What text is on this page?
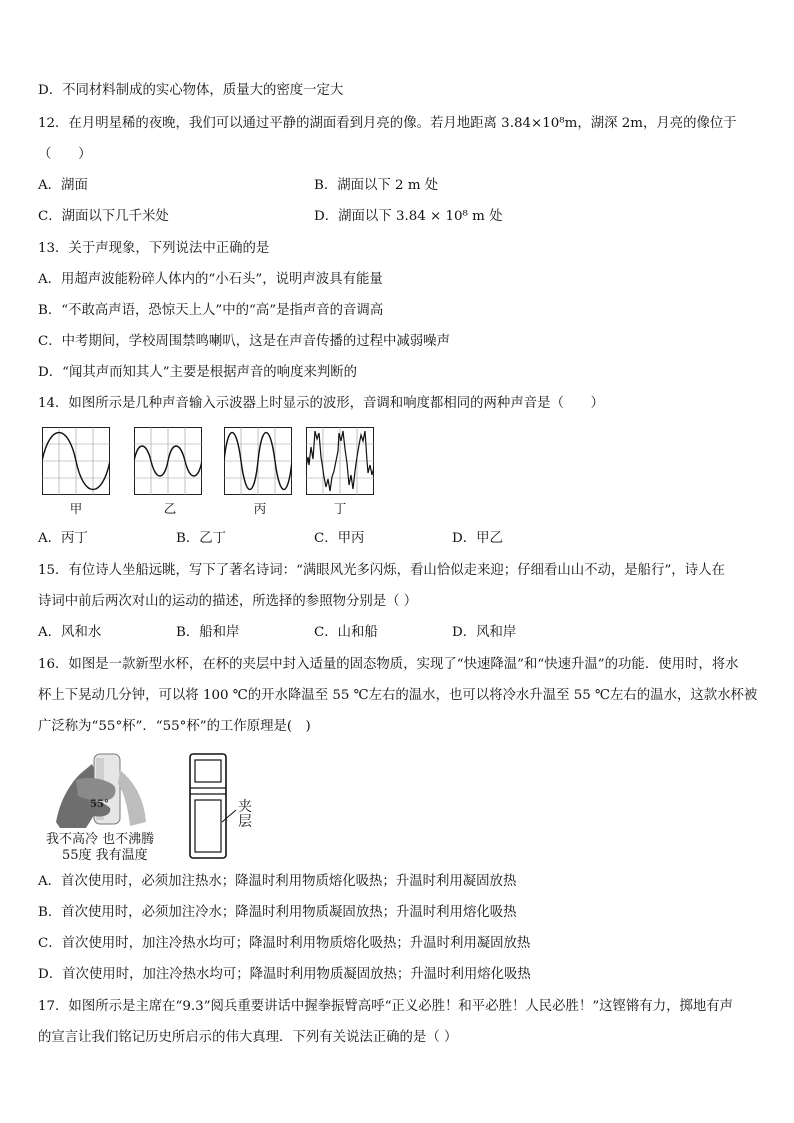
D．不同材料制成的实心物体，质量大的密度一定大
12．在月明星稀的夜晚，我们可以通过平静的湖面看到月亮的像。若月地距离 3.84×10⁸m，湖深 2m，月亮的像位于
（　　）
A．湖面	B．湖面以下 2 m 处
C．湖面以下几千米处	D．湖面以下 3.84 × 10⁸ m 处
13．关于声现象，下列说法中正确的是
A．用超声波能粉碎人体内的“小石头”，说明声波具有能量
B．“不敢高声语，恐惊天上人”中的“高”是指声音的音调高
C．中考期间，学校周围禁鸣喇叭，这是在声音传播的过程中减弱噪声
D．“闻其声而知其人”主要是根据声音的响度来判断的
14．如图所示是几种声音输入示波器上时显示的波形，音调和响度都相同的两种声音是（　　）
甲	乙	丙	丁
A．丙丁	B．乙丁	C．甲丙	D．甲乙
15．有位诗人坐船远眺，写下了著名诗词：“满眼风光多闪烁，看山恰似走来迎；仔细看山山不动，是船行”，诗人在
诗词中前后两次对山的运动的描述，所选择的参照物分别是（ ）
A．风和水	B．船和岸	C．山和船	D．风和岸
16．如图是一款新型水杯，在杯的夹层中封入适量的固态物质，实现了“快速降温”和“快速升温”的功能．使用时，将水
杯上下晃动几分钟，可以将 100 ℃的开水降温至 55 ℃左右的温水，也可以将冷水升温至 55 ℃左右的温水，这款水杯被
广泛称为“55°杯”．“55°杯”的工作原理是(　)
55°
我不高冷 也不沸腾
55度 我有温度
夹
层
A．首次使用时，必须加注热水；降温时利用物质熔化吸热；升温时利用凝固放热
B．首次使用时，必须加注冷水；降温时利用物质凝固放热；升温时利用熔化吸热
C．首次使用时，加注冷热水均可；降温时利用物质熔化吸热；升温时利用凝固放热
D．首次使用时，加注冷热水均可；降温时利用物质凝固放热；升温时利用熔化吸热
17．如图所示是主席在“9.3”阅兵重要讲话中握拳振臂高呼“正义必胜！和平必胜！人民必胜！”这铿锵有力，掷地有声
的宣言让我们铭记历史所启示的伟大真理．下列有关说法正确的是（ ）
